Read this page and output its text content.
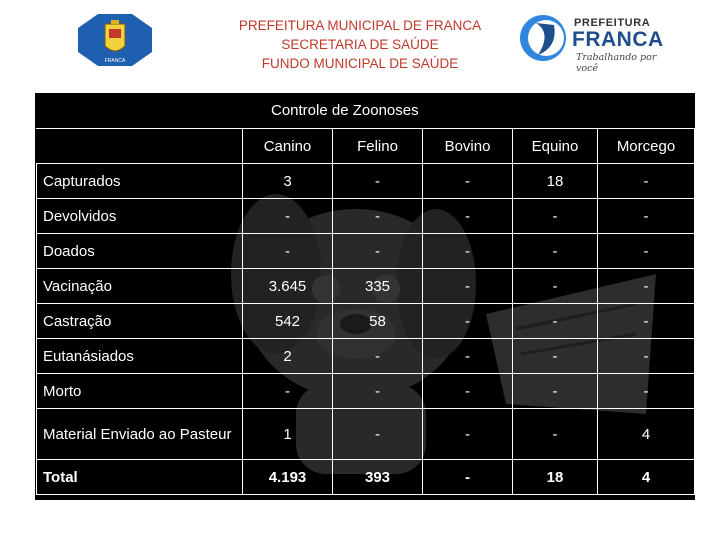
FRANCA
PREFEITURA MUNICIPAL DE FRANCA
SECRETARIA DE SAÚDE
FUNDO MUNICIPAL DE SAÚDE
PREFEITURA
FRANCA
Trabalhando por você
Controle de Zoonoses
	Canino	Felino	Bovino	Equino	Morcego
Capturados	3	-	-	18	-
Devolvidos	-	-	-	-	-
Doados	-	-	-	-	-
Vacinação	3.645	335	-	-	-
Castração	542	58	-	-	-
Eutanásiados	2	-	-	-	-
Morto	-	-	-	-	-
Material Enviado ao Pasteur	1	-	-	-	4
Total	4.193	393	-	18	4
